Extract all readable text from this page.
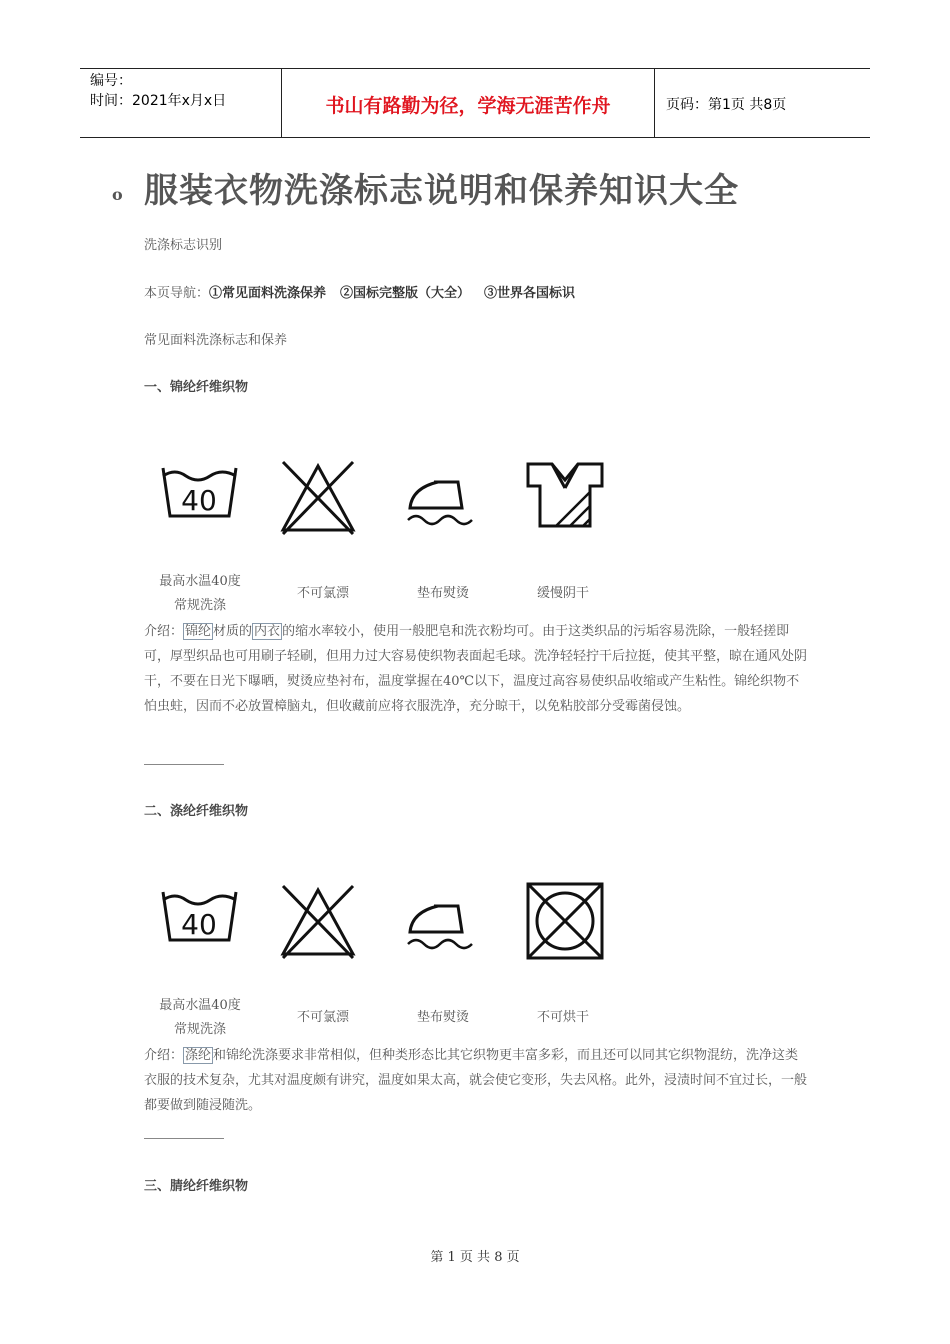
编号：
时间：2021年x月x日	书山有路勤为径，学海无涯苦作舟	页码：第1页 共8页
o 服装衣物洗涤标志说明和保养知识大全
洗涤标志识别
本页导航：①常见面料洗涤保养 ②国标完整版（大全） ③世界各国标识
常见面料洗涤标志和保养
一、锦纶纤维织物
40
最高水温40度
常规洗涤
不可氯漂	垫布熨烫	缓慢阴干
介绍： 锦纶 材质的 内衣 的缩水率较小，使用一般肥皂和洗衣粉均可。由于这类织品的污垢容易洗除，一般轻搓即可，厚型织品也可用刷子轻刷，但用力过大容易使织物表面起毛球。洗净轻轻拧干后拉挺，使其平整，晾在通风处阴干，不要在日光下曝晒，熨烫应垫衬布，温度掌握在40℃以下，温度过高容易使织品收缩或产生粘性。锦纶织物不怕虫蛀，因而不必放置樟脑丸，但收藏前应将衣服洗净，充分晾干，以免粘胶部分受霉菌侵蚀。
二、涤纶纤维织物
40
最高水温40度
常规洗涤
不可氯漂	垫布熨烫	不可烘干
介绍： 涤纶 和锦纶洗涤要求非常相似，但种类形态比其它织物更丰富多彩，而且还可以同其它织物混纺，洗净这类衣服的技术复杂，尤其对温度颇有讲究，温度如果太高，就会使它变形，失去风格。此外，浸渍时间不宜过长，一般都要做到随浸随洗。
三、腈纶纤维织物
第 1 页 共 8 页
